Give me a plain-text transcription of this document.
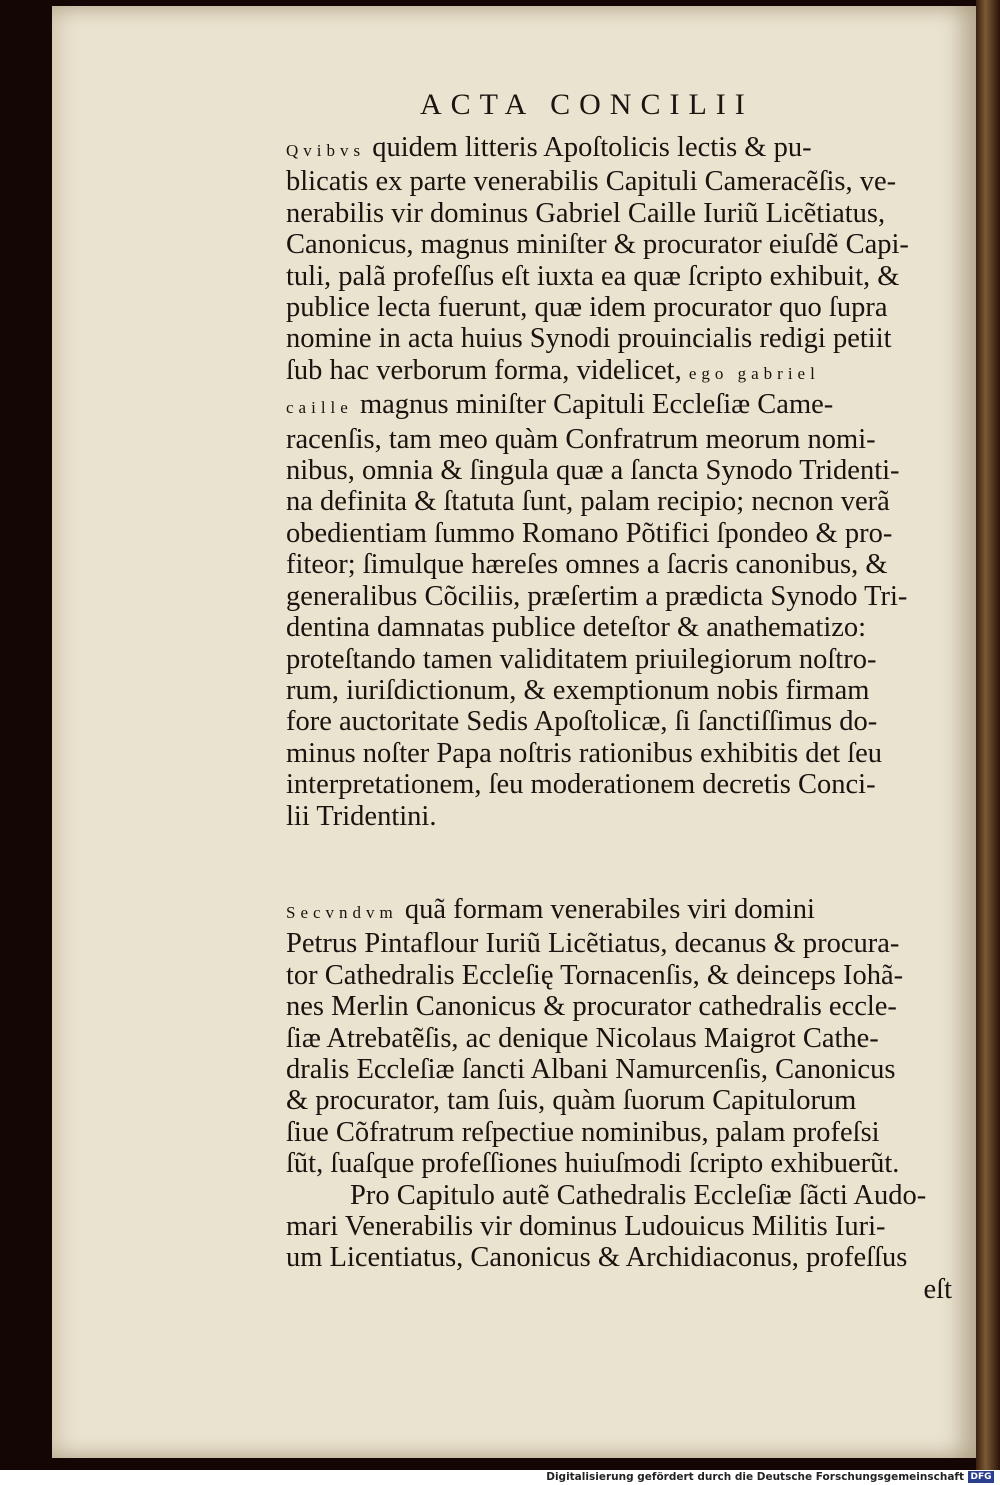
ACTA CONCILII
Qvibvs quidem litteris Apoſtolicis lectis & pu-
blicatis ex parte venerabilis Capituli Cameracẽſis, ve-
nerabilis vir dominus Gabriel Caille Iuriũ Licẽtiatus,
Canonicus, magnus miniſter & procurator eiuſdẽ Capi-
tuli, palã profeſſus eſt iuxta ea quæ ſcripto exhibuit, &
publice lecta fuerunt, quæ idem procurator quo ſupra
nomine in acta huius Synodi prouincialis redigi petiit
ſub hac verborum forma, videlicet, ego gabriel
caille magnus miniſter Capituli Eccleſiæ Came-
racenſis, tam meo quàm Confratrum meorum nomi-
nibus, omnia & ſingula quæ a ſancta Synodo Tridenti-
na definita & ſtatuta ſunt, palam recipio; necnon verã
obedientiam ſummo Romano Põtifici ſpondeo & pro-
fiteor; ſimulque hæreſes omnes a ſacris canonibus, &
generalibus Cõciliis, præſertim a prædicta Synodo Tri-
dentina damnatas publice deteſtor & anathematizo:
proteſtando tamen validitatem priuilegiorum noſtro-
rum, iuriſdictionum, & exemptionum nobis firmam
fore auctoritate Sedis Apoſtolicæ, ſi ſanctiſſimus do-
minus noſter Papa noſtris rationibus exhibitis det ſeu
interpretationem, ſeu moderationem decretis Conci-
lii Tridentini.
Secvndvm quã formam venerabiles viri domini
Petrus Pintaflour Iuriũ Licẽtiatus, decanus & procura-
tor Cathedralis Eccleſię Tornacenſis, & deinceps Iohã-
nes Merlin Canonicus & procurator cathedralis eccle-
ſiæ Atrebatẽſis, ac denique Nicolaus Maigrot Cathe-
dralis Eccleſiæ ſancti Albani Namurcenſis, Canonicus
& procurator, tam ſuis, quàm ſuorum Capitulorum
ſiue Cõfratrum reſpectiue nominibus, palam profeſsi
ſũt, ſuaſque profeſſiones huiuſmodi ſcripto exhibuerũt.
Pro Capitulo autẽ Cathedralis Eccleſiæ ſãcti Audo-
mari Venerabilis vir dominus Ludouicus Militis Iuri-
um Licentiatus, Canonicus & Archidiaconus, profeſſus
eſt
Digitalisierung gefördert durch die Deutsche Forschungsgemeinschaft DFG
